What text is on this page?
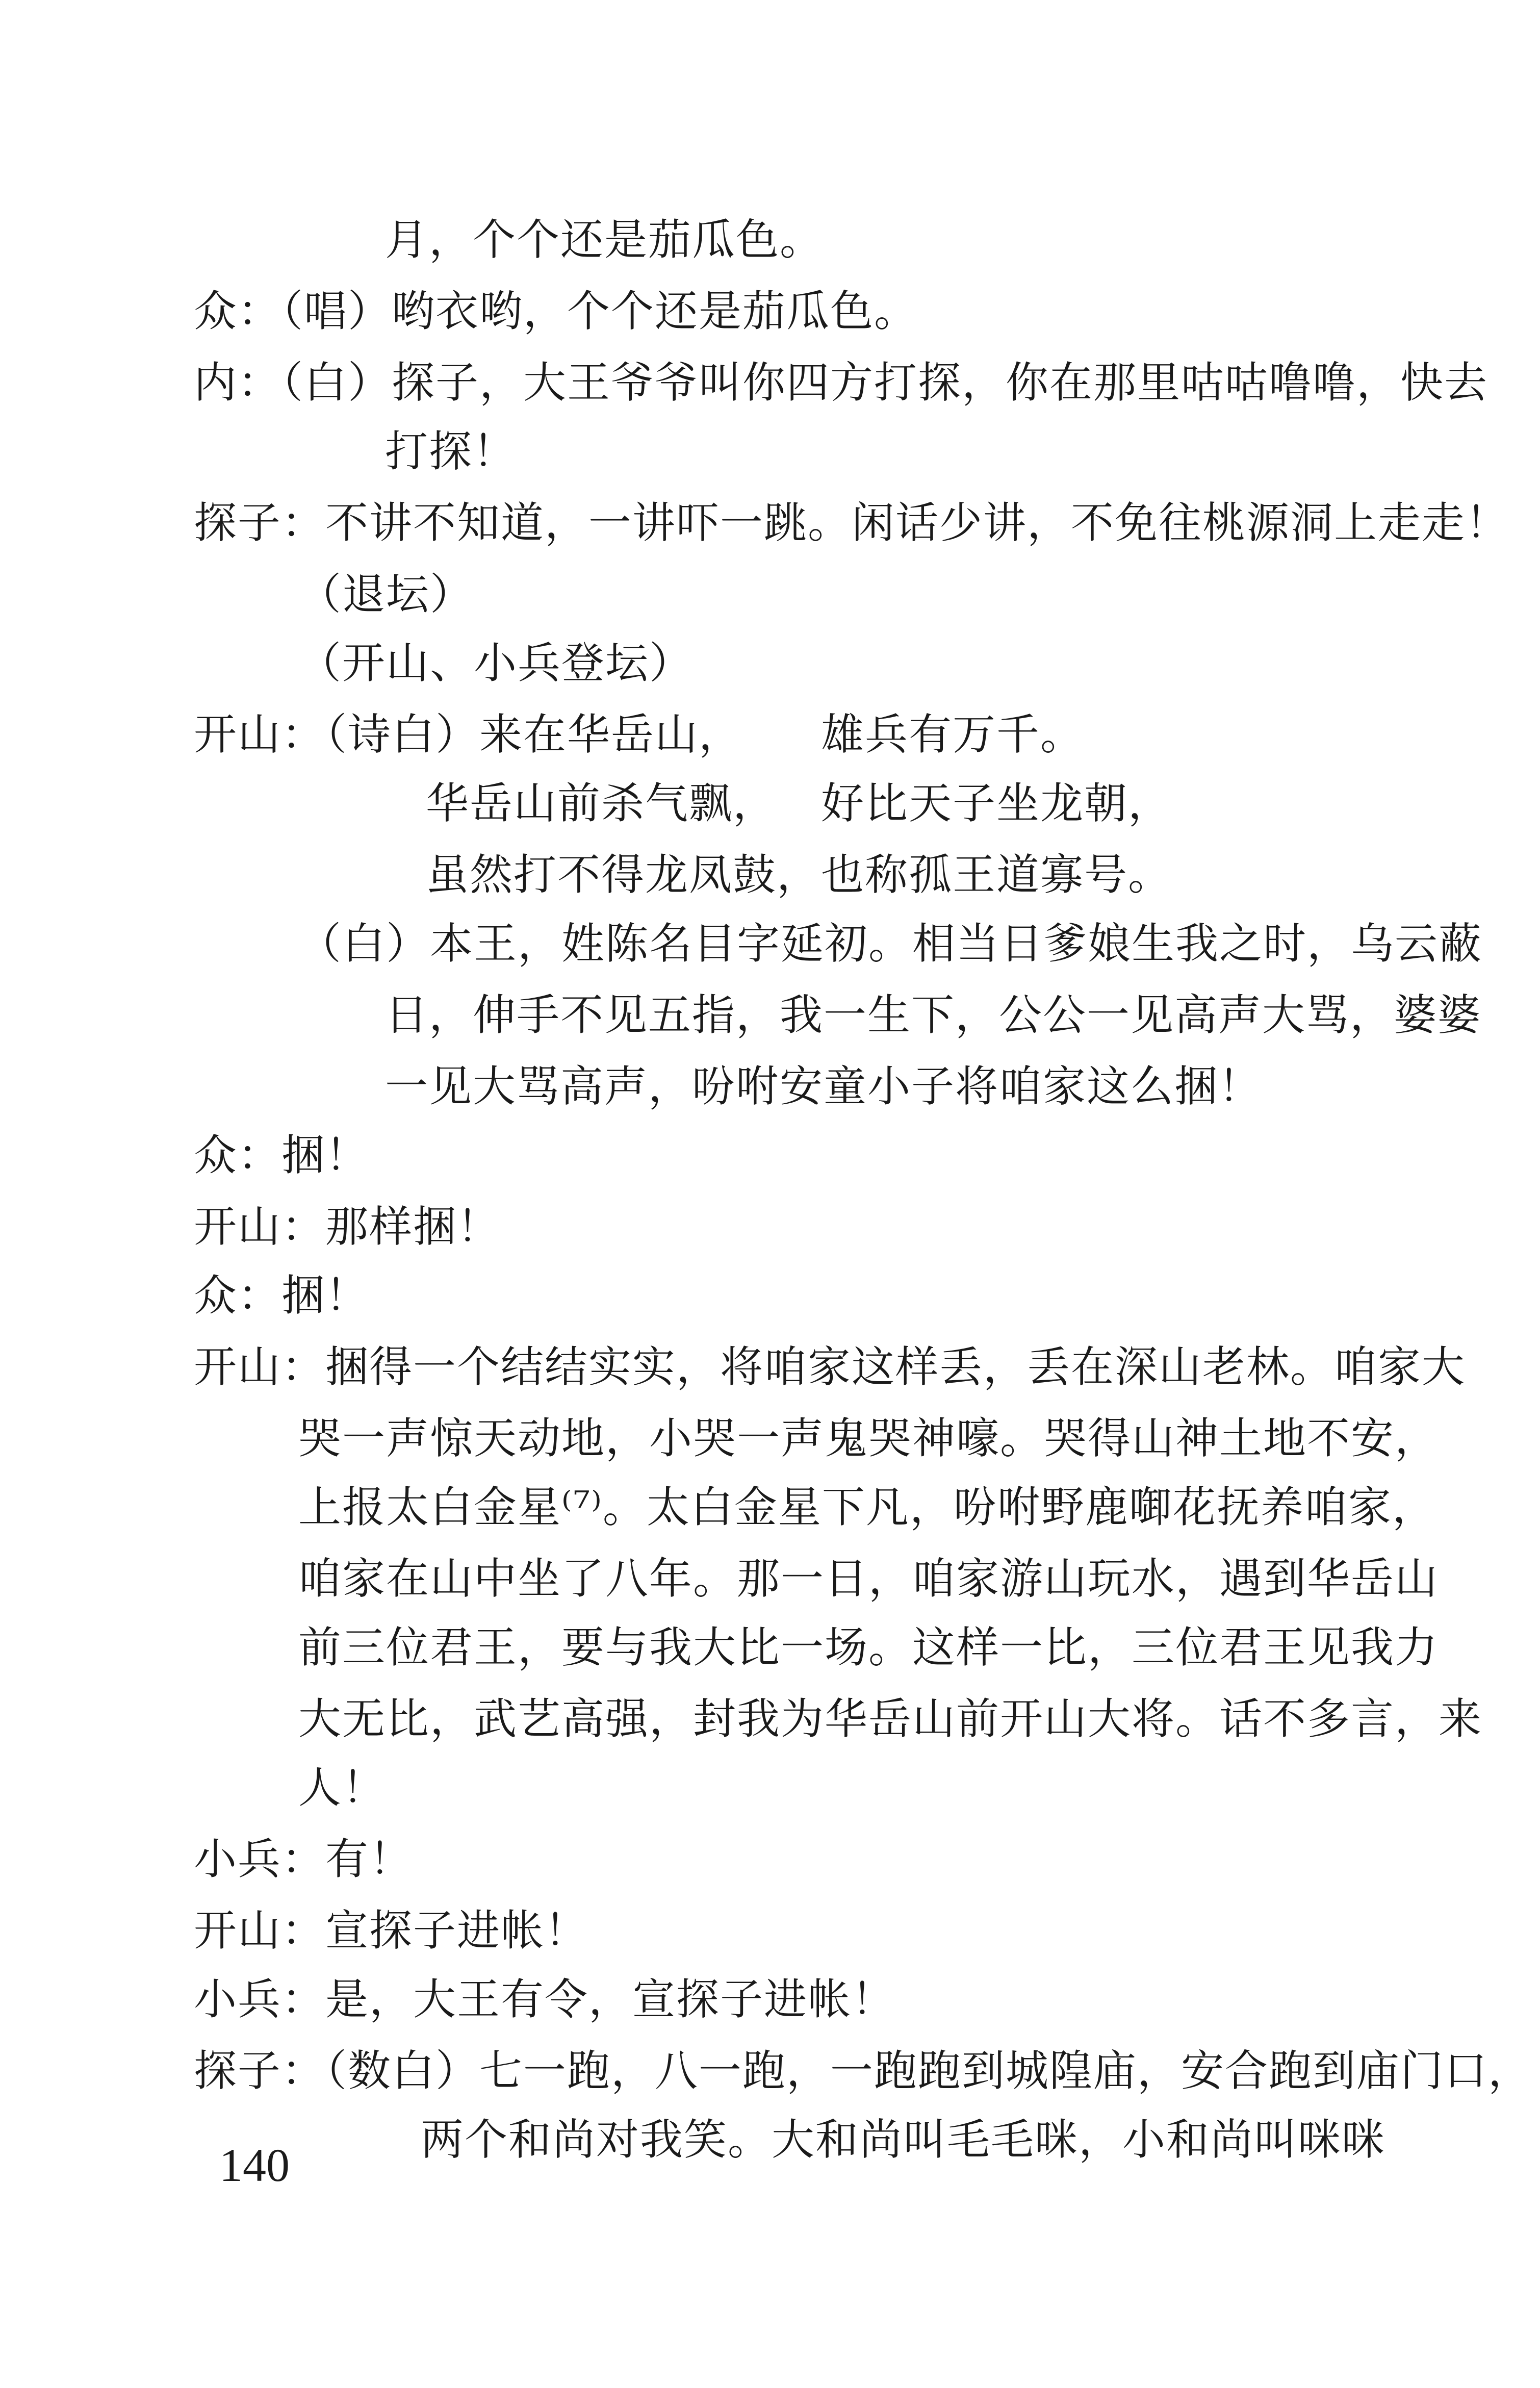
月，个个还是茄瓜色。
众：（唱）哟衣哟，个个还是茄瓜色。
内：（白）探子，大王爷爷叫你四方打探，你在那里咕咕噜噜，快去
打探！
探子：不讲不知道，一讲吓一跳。闲话少讲，不免往桃源洞上走走！
（退坛）
（开山、小兵登坛）
开山：（诗白）来在华岳山， 雄兵有万千。
华岳山前杀气飘， 好比天子坐龙朝，
虽然打不得龙凤鼓， 也称孤王道寡号。
（白）本王，姓陈名目字延初。相当日爹娘生我之时，乌云蔽
日，伸手不见五指，我一生下，公公一见高声大骂，婆婆
一见大骂高声，吩咐安童小子将咱家这么捆！
众：捆！
开山：那样捆！
众：捆！
开山：捆得一个结结实实，将咱家这样丢，丢在深山老林。咱家大
哭一声惊天动地，小哭一声鬼哭神嚎。哭得山神土地不安，
上报太白金星⁽⁷⁾。太白金星下凡，吩咐野鹿啣花抚养咱家，
咱家在山中坐了八年。那一日，咱家游山玩水，遇到华岳山
前三位君王，要与我大比一场。这样一比，三位君王见我力
大无比，武艺高强，封我为华岳山前开山大将。话不多言，来
人！
小兵：有！
开山：宣探子进帐！
小兵：是，大王有令，宣探子进帐！
探子：（数白）七一跑，八一跑，一跑跑到城隍庙，安合跑到庙门口，
两个和尚对我笑。大和尚叫毛毛咪，小和尚叫咪咪
140
